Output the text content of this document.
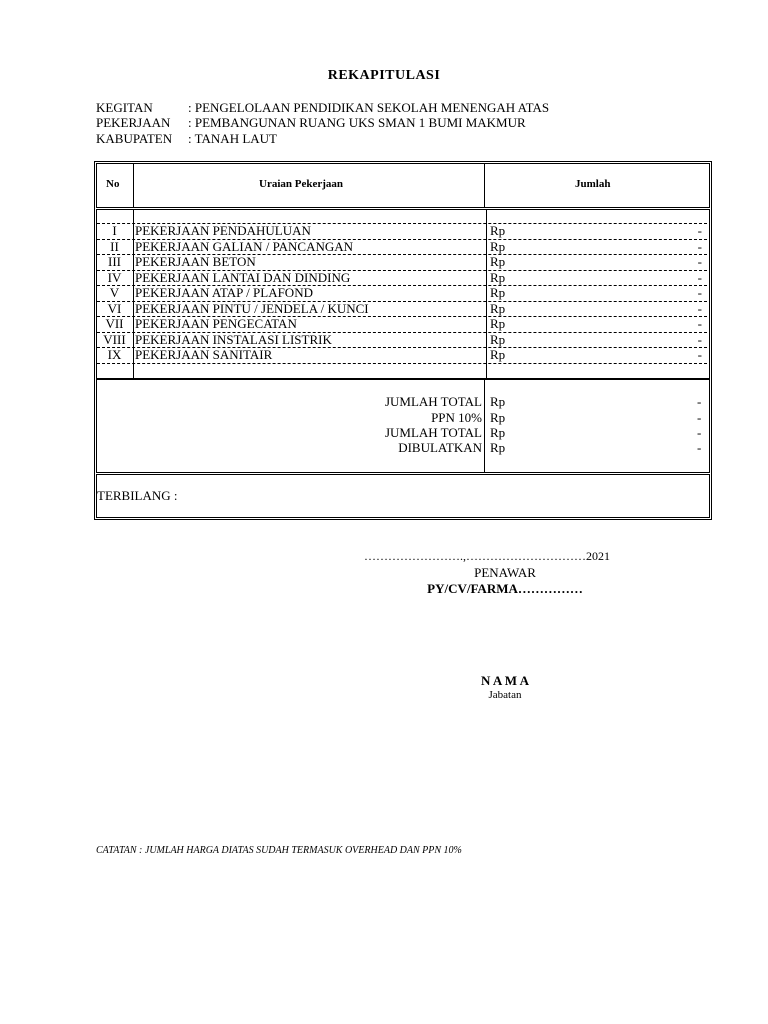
REKAPITULASI
KEGITAN	: PENGELOLAAN PENDIDIKAN SEKOLAH MENENGAH ATAS
PEKERJAAN : PEMBANGUNAN RUANG UKS SMAN 1 BUMI MAKMUR
KABUPATEN : TANAH LAUT
No	Uraian Pekerjaan	Jumlah
I	PEKERJAAN PENDAHULUAN	Rp	-
II	PEKERJAAN GALIAN / PANCANGAN	Rp	-
III	PEKERJAAN BETON	Rp	-
IV	PEKERJAAN LANTAI DAN DINDING	Rp	-
V	PEKERJAAN ATAP / PLAFOND	Rp	-
VI	PEKERJAAN PINTU / JENDELA / KUNCI	Rp	-
VII PEKERJAAN PENGECATAN	Rp	-
VIII PEKERJAAN INSTALASI LISTRIK	Rp	-
IX	PEKERJAAN SANITAIR	Rp	-
JUMLAH TOTAL Rp	-
PPN 10% Rp	-
JUMLAH TOTAL Rp	-
DIBULATKAN Rp	-
TERBILANG :
…………………….,…………………………2021
PENAWAR
PY/CV/FARMA……………
N A M A
Jabatan
CATATAN : JUMLAH HARGA DIATAS SUDAH TERMASUK OVERHEAD DAN PPN 10%
